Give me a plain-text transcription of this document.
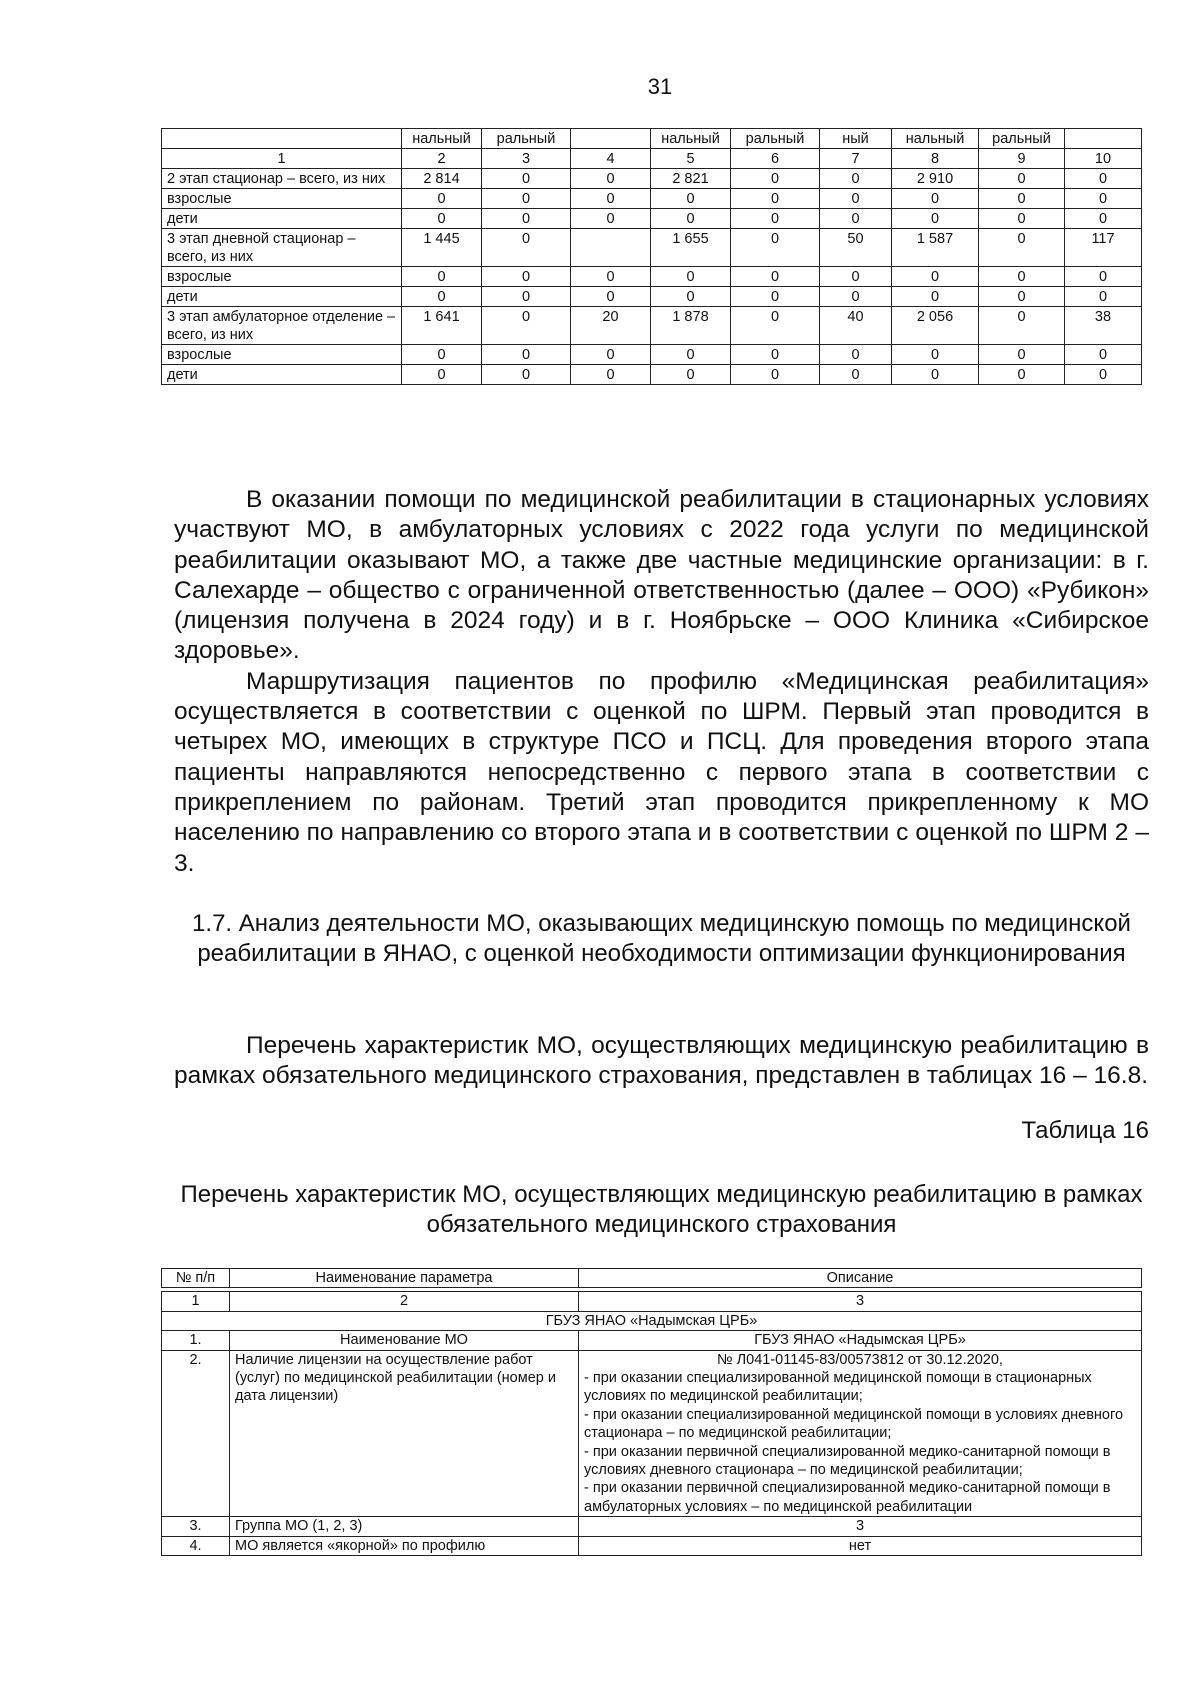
31
	нальный	ральный		нальный	ральный	ный	нальный	ральный	
1	2	3	4	5	6	7	8	9	10
2 этап стационар – всего, из них	2 814	0	0	2 821	0	0	2 910	0	0
взрослые	0	0	0	0	0	0	0	0	0
дети	0	0	0	0	0	0	0	0	0
3 этап дневной стационар – всего, из них	1 445	0		1 655	0	50	1 587	0	117
взрослые	0	0	0	0	0	0	0	0	0
дети	0	0	0	0	0	0	0	0	0
3 этап амбулаторное отделение – всего, из них	1 641	0	20	1 878	0	40	2 056	0	38
взрослые	0	0	0	0	0	0	0	0	0
дети	0	0	0	0	0	0	0	0	0

В оказании помощи по медицинской реабилитации в стационарных условиях участвуют МО, в амбулаторных условиях с 2022 года услуги по медицинской реабилитации оказывают МО, а также две частные медицинские организации: в г. Салехарде – общество с ограниченной ответственностью (далее – ООО) «Рубикон» (лицензия получена в 2024 году) и в г. Ноябрьске – ООО Клиника «Сибирское здоровье».

Маршрутизация пациентов по профилю «Медицинская реабилитация» осуществляется в соответствии с оценкой по ШРМ. Первый этап проводится в четырех МО, имеющих в структуре ПСО и ПСЦ. Для проведения второго этапа пациенты направляются непосредственно с первого этапа в соответствии с прикреплением по районам. Третий этап проводится прикрепленному к МО населению по направлению со второго этапа и в соответствии с оценкой по ШРМ 2 – 3.

1.7. Анализ деятельности МО, оказывающих медицинскую помощь по медицинской реабилитации в ЯНАО, с оценкой необходимости оптимизации функционирования

Перечень характеристик МО, осуществляющих медицинскую реабилитацию в рамках обязательного медицинского страхования, представлен в таблицах 16 – 16.8.

Таблица 16
Перечень характеристик МО, осуществляющих медицинскую реабилитацию в рамках обязательного медицинского страхования
№ п/п	Наименование параметра	Описание

1	2	3
ГБУЗ ЯНАО «Надымская ЦРБ»		
1.	Наименование МО	ГБУЗ ЯНАО «Надымская ЦРБ»

2.	Наличие лицензии на осуществление работ (услуг) по медицинской реабилитации (номер и дата лицензии)	№ Л041-01145-83/00573812 от 30.12.2020,
- при оказании специализированной медицинской помощи в стационарных условиях по медицинской реабилитации;
- при оказании специализированной медицинской помощи в условиях дневного стационара – по медицинской реабилитации;
- при оказании первичной специализированной медико-санитарной помощи в условиях дневного стационара – по медицинской реабилитации;
- при оказании первичной специализированной медико-санитарной помощи в амбулаторных условиях – по медицинской реабилитации

3.	Группа МО (1, 2, 3)	3

4.	МО является «якорной» по профилю	нет
